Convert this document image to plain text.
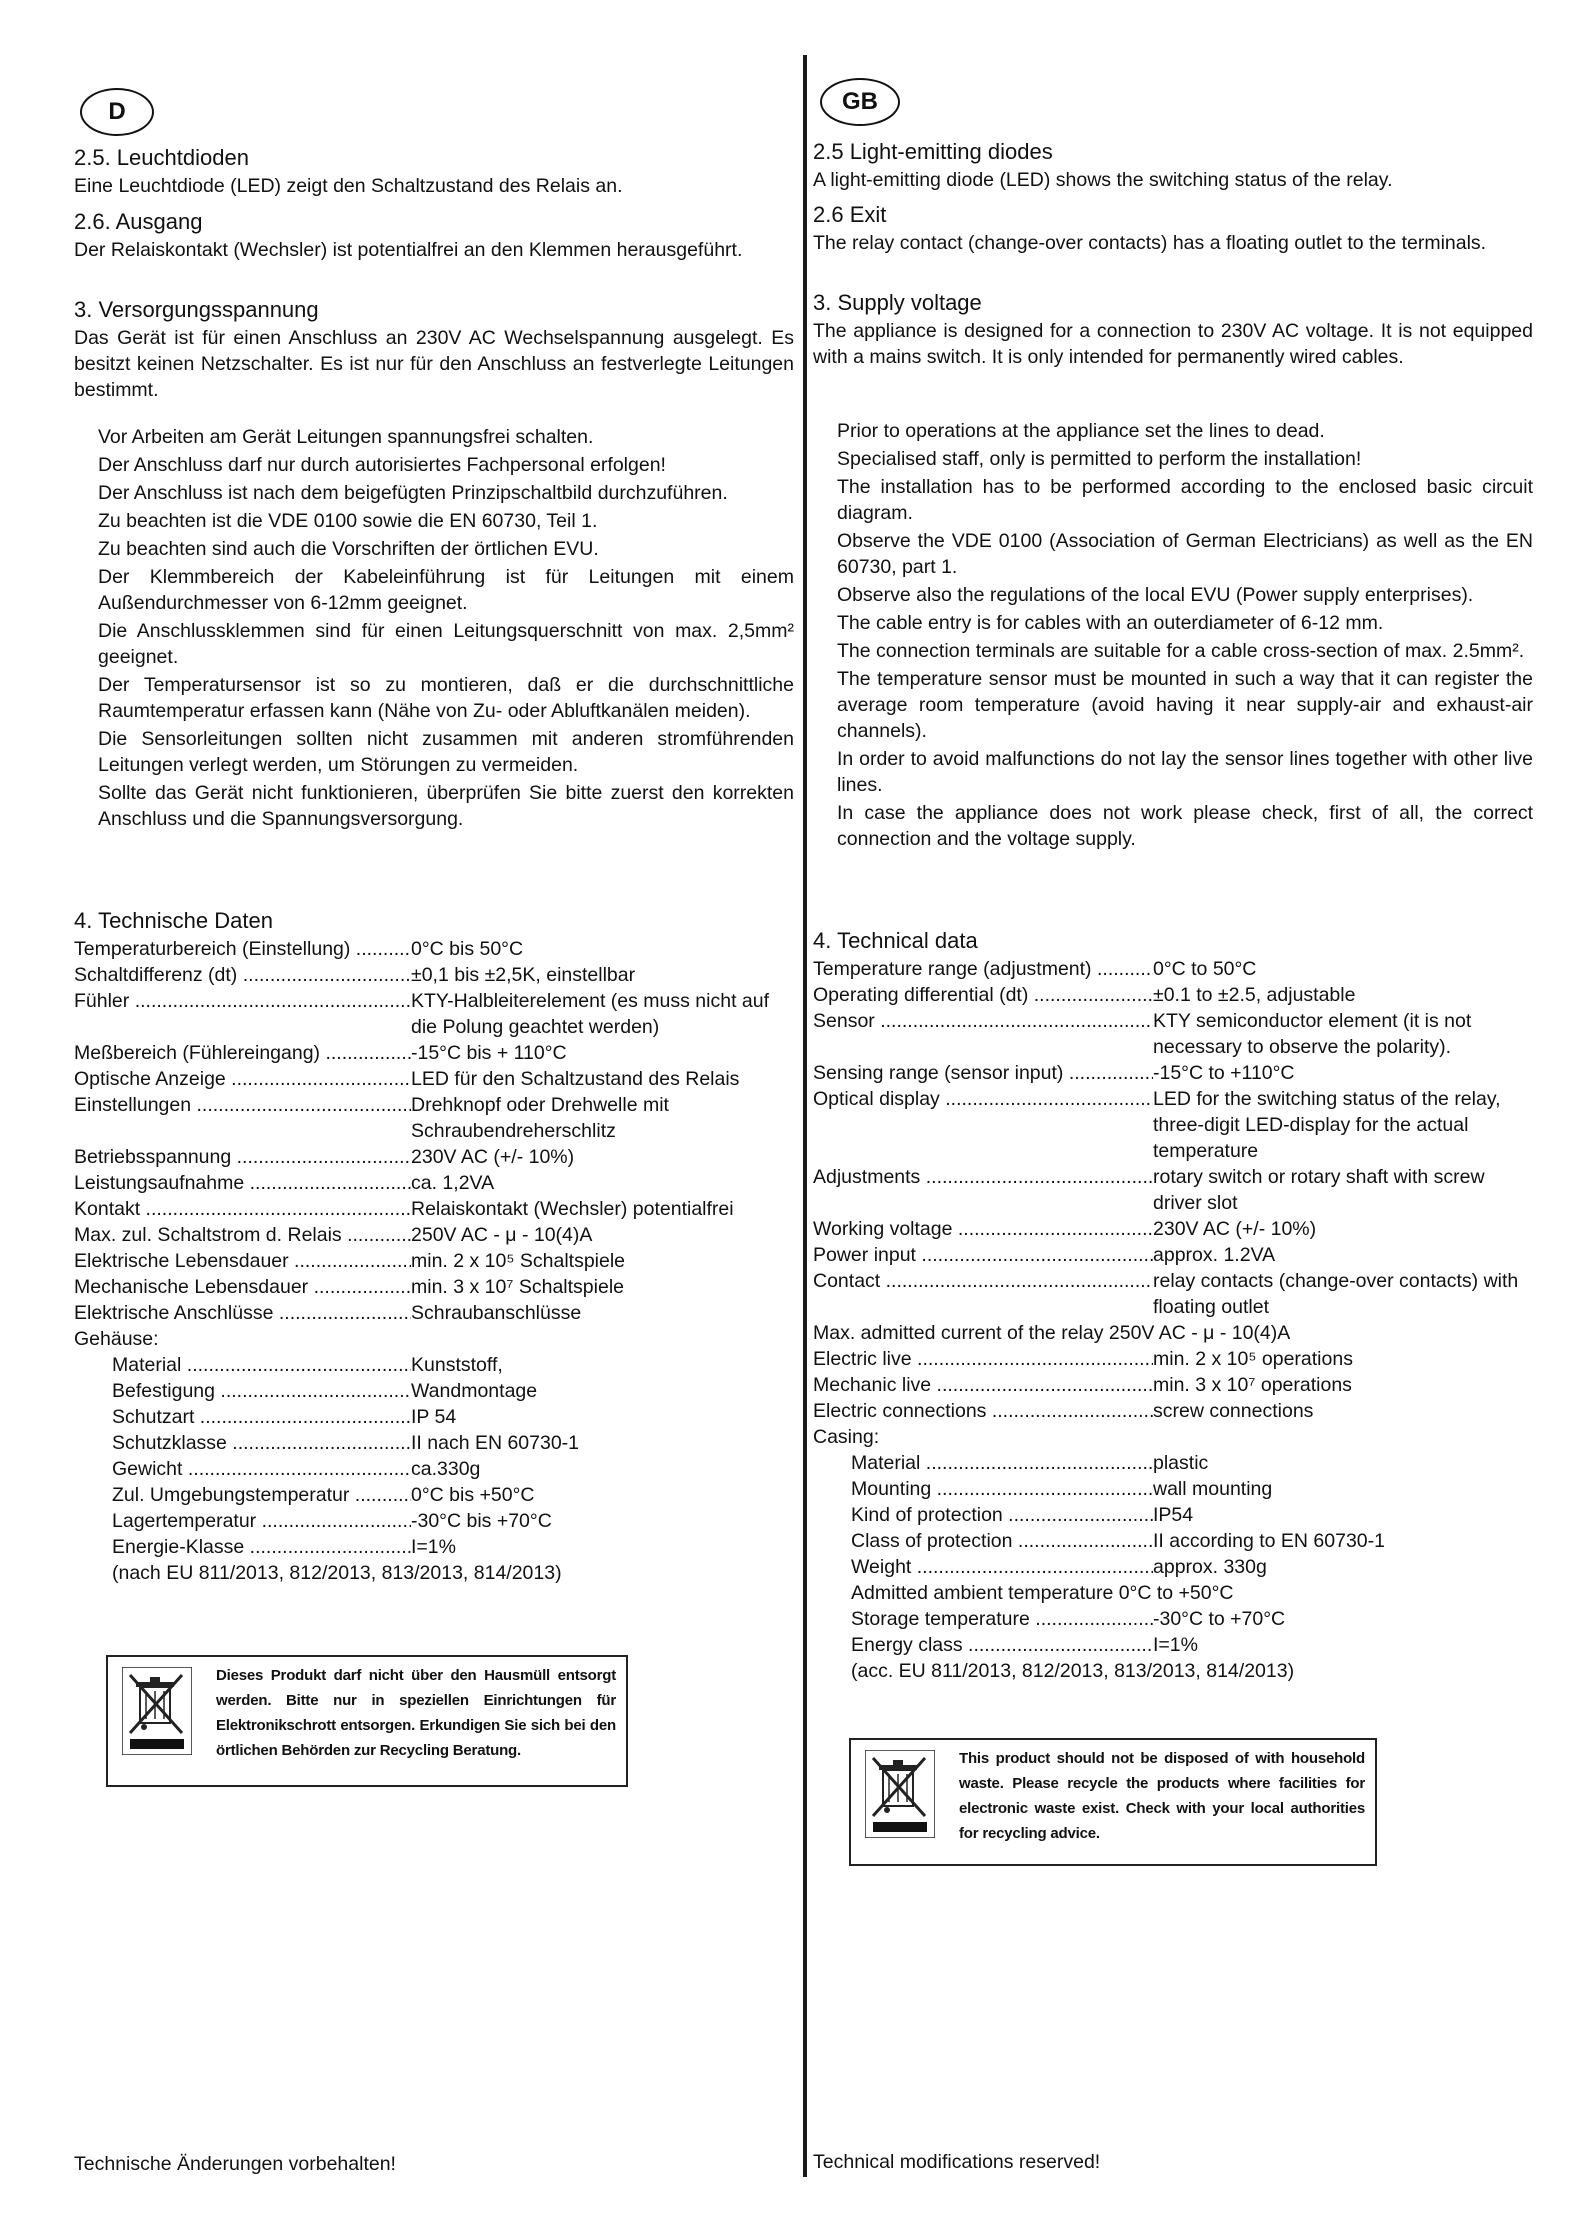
D
2.5. Leuchtdioden

Eine Leuchtdiode (LED) zeigt den Schaltzustand des Relais an.

2.6. Ausgang

Der Relaiskontakt (Wechsler) ist potentialfrei an den Klemmen herausgeführt.

3. Versorgungsspannung

Das Gerät ist für einen Anschluss an 230V AC Wechselspannung ausgelegt. Es besitzt keinen Netzschalter. Es ist nur für den Anschluss an festverlegte Leitungen bestimmt.

Vor Arbeiten am Gerät Leitungen spannungsfrei schalten.
Der Anschluss darf nur durch autorisiertes Fachpersonal erfolgen!
Der Anschluss ist nach dem beigefügten Prinzipschaltbild durchzuführen.
Zu beachten ist die VDE 0100 sowie die EN 60730, Teil 1.
Zu beachten sind auch die Vorschriften der örtlichen EVU.
Der Klemmbereich der Kabeleinführung ist für Leitungen mit einem Außendurchmesser von 6-12mm geeignet.
Die Anschlussklemmen sind für einen Leitungsquerschnitt von max. 2,5mm² geeignet.
Der Temperatursensor ist so zu montieren, daß er die durchschnittliche Raumtemperatur erfassen kann (Nähe von Zu- oder Abluftkanälen meiden).
Die Sensorleitungen sollten nicht zusammen mit anderen stromführenden Leitungen verlegt werden, um Störungen zu vermeiden.
Sollte das Gerät nicht funktionieren, überprüfen Sie bitte zuerst den korrekten Anschluss und die Spannungsversorgung.
4. Technische Daten
Temperaturbereich (Einstellung) .....	0°C bis 50°C
Schaltdifferenz (dt) .....	±0,1 bis ±2,5K, einstellbar
Fühler .....	KTY-Halbleiterelement (es muss nicht auf die Polung geachtet werden)
Meßbereich (Fühlereingang) .....	-15°C bis + 110°C
Optische Anzeige .....	LED für den Schaltzustand des Relais
Einstellungen .....	Drehknopf oder Drehwelle mit Schraubendreherschlitz
Betriebsspannung .....	230V AC (+/- 10%)
Leistungsaufnahme .....	ca. 1,2VA
Kontakt .....	Relaiskontakt (Wechsler) potentialfrei
Max. zul. Schaltstrom d. Relais .....	250V AC - μ - 10(4)A
Elektrische Lebensdauer .....	min. 2 x 10⁵ Schaltspiele
Mechanische Lebensdauer .....	min. 3 x 10⁷ Schaltspiele
Elektrische Anschlüsse .....	Schraubanschlüsse
Gehäuse:
Material .....	Kunststoff,
Befestigung .....	Wandmontage
Schutzart .....	IP 54
Schutzklasse .....	II nach EN 60730-1
Gewicht .....	ca.330g
Zul. Umgebungstemperatur .....	0°C bis +50°C
Lagertemperatur .....	-30°C bis +70°C
Energie-Klasse .....	I=1%
(nach EU 811/2013, 812/2013, 813/2013, 814/2013)
Dieses Produkt darf nicht über den Hausmüll entsorgt werden. Bitte nur in speziellen Einrichtungen für Elektronikschrott entsorgen. Erkundigen Sie sich bei den örtlichen Behörden zur Recycling Beratung.
Technische Änderungen vorbehalten!
GB
2.5 Light-emitting diodes

A light-emitting diode (LED) shows the switching status of the relay.

2.6 Exit

The relay contact (change-over contacts) has a floating outlet to the terminals.

3. Supply voltage

The appliance is designed for a connection to 230V AC voltage. It is not equipped with a mains switch. It is only intended for permanently wired cables.

Prior to operations at the appliance set the lines to dead.
Specialised staff, only is permitted to perform the installation!
The installation has to be performed according to the enclosed basic circuit diagram.
Observe the VDE 0100 (Association of German Electricians) as well as the EN 60730, part 1.
Observe also the regulations of the local EVU (Power supply enterprises).
The cable entry is for cables with an outerdiameter of 6-12 mm.
The connection terminals are suitable for a cable cross-section of max. 2.5mm².
The temperature sensor must be mounted in such a way that it can register the average room temperature (avoid having it near supply-air and exhaust-air channels).
In order to avoid malfunctions do not lay the sensor lines together with other live lines.
In case the appliance does not work please check, first of all, the correct connection and the voltage supply.
4. Technical data
Temperature range (adjustment) .....	0°C to 50°C
Operating differential (dt) .....	±0.1 to ±2.5, adjustable
Sensor .....	KTY semiconductor element (it is not necessary to observe the polarity).
Sensing range (sensor input) .....	-15°C to +110°C
Optical display .....	LED for the switching status of the relay, three-digit LED-display for the actual temperature
Adjustments .....	rotary switch or rotary shaft with screw driver slot
Working voltage .....	230V AC (+/- 10%)
Power input .....	approx. 1.2VA
Contact .....	relay contacts (change-over contacts) with floating outlet
Max. admitted current of the relay 250V AC - μ - 10(4)A
Electric live .....	min. 2 x 10⁵ operations
Mechanic live .....	min. 3 x 10⁷ operations
Electric connections .....	screw connections
Casing:
Material .....	plastic
Mounting .....	wall mounting
Kind of protection .....	IP54
Class of protection .....	II according to EN 60730-1
Weight .....	approx. 330g
Admitted ambient temperature 0°C to +50°C
Storage temperature .....	-30°C to +70°C
Energy class .....	I=1%
(acc. EU 811/2013, 812/2013, 813/2013, 814/2013)
This product should not be disposed of with household waste. Please recycle the products where facilities for electronic waste exist. Check with your local authorities for recycling advice.
Technical modifications reserved!
